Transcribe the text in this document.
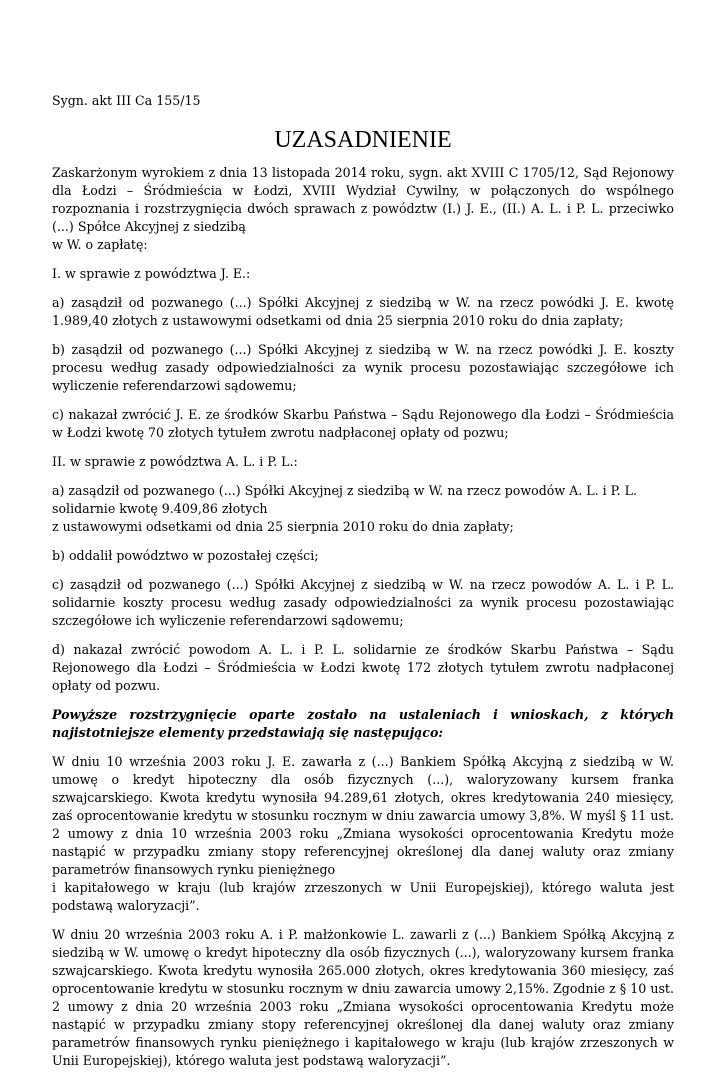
Sygn. akt III Ca 155/15

UZASADNIENIE
Zaskarżonym wyrokiem z dnia 13 listopada 2014 roku, sygn. akt XVIII C 1705/12, Sąd Rejonowy dla Łodzi – Śródmieścia w Łodzi, XVIII Wydział Cywilny, w połączonych do wspólnego rozpoznania i rozstrzygnięcia dwóch sprawach z powództw (I.) J. E., (II.) A. L. i P. L. przeciwko (...) Spółce Akcyjnej z siedzibą
w W. o zapłatę:

I. w sprawie z powództwa J. E.:

a) zasądził od pozwanego (...) Spółki Akcyjnej z siedzibą w W. na rzecz powódki J. E. kwotę 1.989,40 złotych z ustawowymi odsetkami od dnia 25 sierpnia 2010 roku do dnia zapłaty;

b) zasądził od pozwanego (...) Spółki Akcyjnej z siedzibą w W. na rzecz powódki J. E. koszty procesu według zasady odpowiedzialności za wynik procesu pozostawiając szczegółowe ich wyliczenie referendarzowi sądowemu;

c) nakazał zwrócić J. E. ze środków Skarbu Państwa – Sądu Rejonowego dla Łodzi – Śródmieścia w Łodzi kwotę 70 złotych tytułem zwrotu nadpłaconej opłaty od pozwu;

II. w sprawie z powództwa A. L. i P. L.:

a) zasądził od pozwanego (...) Spółki Akcyjnej z siedzibą w W. na rzecz powodów A. L. i P. L. solidarnie kwotę 9.409,86 złotych
z ustawowymi odsetkami od dnia 25 sierpnia 2010 roku do dnia zapłaty;

b) oddalił powództwo w pozostałej części;

c) zasądził od pozwanego (...) Spółki Akcyjnej z siedzibą w W. na rzecz powodów A. L. i P. L. solidarnie koszty procesu według zasady odpowiedzialności za wynik procesu pozostawiając szczegółowe ich wyliczenie referendarzowi sądowemu;

d) nakazał zwrócić powodom A. L. i P. L. solidarnie ze środków Skarbu Państwa – Sądu Rejonowego dla Łodzi – Śródmieścia w Łodzi kwotę 172 złotych tytułem zwrotu nadpłaconej opłaty od pozwu.

Powyższe rozstrzygnięcie oparte zostało na ustaleniach i wnioskach, z których najistotniejsze elementy przedstawiają się następująco:

W dniu 10 września 2003 roku J. E. zawarła z (...) Bankiem Spółką Akcyjną z siedzibą w W. umowę o kredyt hipoteczny dla osób fizycznych (...), waloryzowany kursem franka szwajcarskiego. Kwota kredytu wynosiła 94.289,61 złotych, okres kredytowania 240 miesięcy, zaś oprocentowanie kredytu w stosunku rocznym w dniu zawarcia umowy 3,8%. W myśl § 11 ust. 2 umowy z dnia 10 września 2003 roku „Zmiana wysokości oprocentowania Kredytu może nastąpić w przypadku zmiany stopy referencyjnej określonej dla danej waluty oraz zmiany parametrów finansowych rynku pieniężnego
i kapitałowego w kraju (lub krajów zrzeszonych w Unii Europejskiej), którego waluta jest podstawą waloryzacji”.

W dniu 20 września 2003 roku A. i P. małżonkowie L. zawarli z (...) Bankiem Spółką Akcyjną z siedzibą w W. umowę o kredyt hipoteczny dla osób fizycznych (...), waloryzowany kursem franka szwajcarskiego. Kwota kredytu wynosiła 265.000 złotych, okres kredytowania 360 miesięcy, zaś oprocentowanie kredytu w stosunku rocznym w dniu zawarcia umowy 2,15%. Zgodnie z § 10 ust. 2 umowy z dnia 20 września 2003 roku „Zmiana wysokości oprocentowania Kredytu może nastąpić w przypadku zmiany stopy referencyjnej określonej dla danej waluty oraz zmiany parametrów finansowych rynku pieniężnego i kapitałowego w kraju (lub krajów zrzeszonych w Unii Europejskiej), którego waluta jest podstawą waloryzacji”.
